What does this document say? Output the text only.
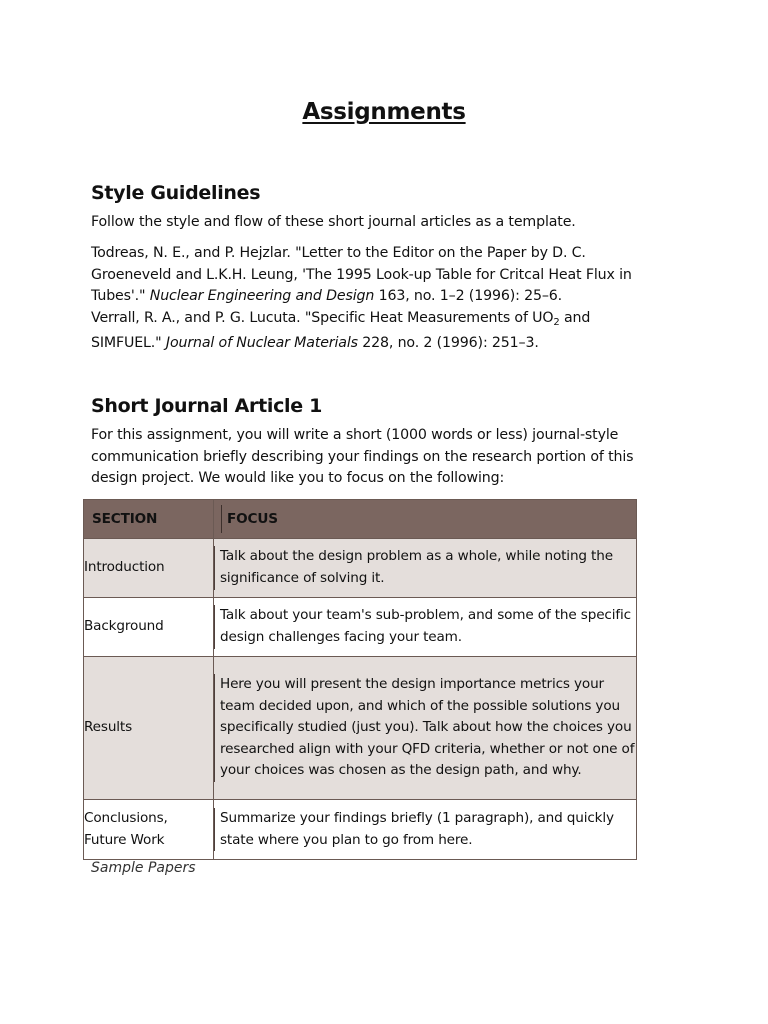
Assignments
Style Guidelines
Follow the style and flow of these short journal articles as a template.
Todreas, N. E., and P. Hejzlar. "Letter to the Editor on the Paper by D. C. Groeneveld and L.K.H. Leung, 'The 1995 Look-up Table for Critcal Heat Flux in Tubes'." Nuclear Engineering and Design 163, no. 1–2 (1996): 25–6.
Verrall, R. A., and P. G. Lucuta. "Specific Heat Measurements of $UO_2$ and SIMFUEL." Journal of Nuclear Materials 228, no. 2 (1996): 251–3.
Short Journal Article 1
For this assignment, you will write a short (1000 words or less) journal-style communication briefly describing your findings on the research portion of this design project. We would like you to focus on the following:
SECTION	FOCUS

Introduction	Talk about the design problem as a whole, while noting the significance of solving it.

Background	Talk about your team's sub-problem, and some of the specific design challenges facing your team.

Results	Here you will present the design importance metrics your team decided upon, and which of the possible solutions you specifically studied (just you). Talk about how the choices you researched align with your QFD criteria, whether or not one of your choices was chosen as the design path, and why.

Conclusions, Future Work	Summarize your findings briefly (1 paragraph), and quickly state where you plan to go from here.
Sample Papers
